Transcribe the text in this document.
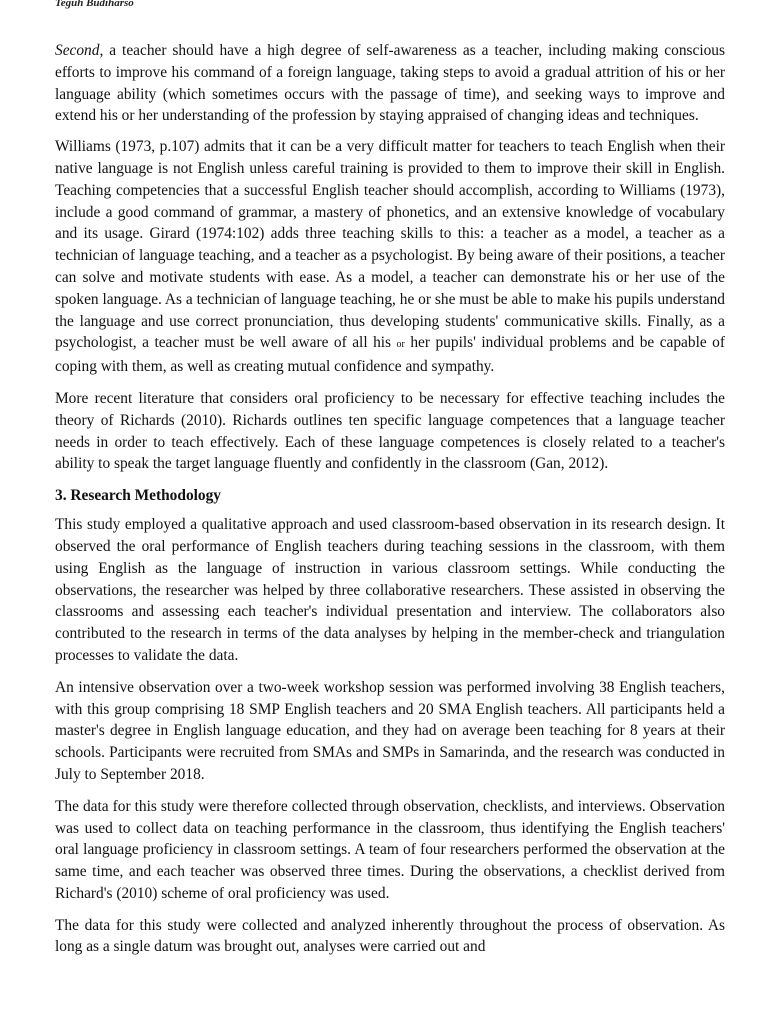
Teguh Budiharso

Second, a teacher should have a high degree of self-awareness as a teacher, including making conscious efforts to improve his command of a foreign language, taking steps to avoid a gradual attrition of his or her language ability (which sometimes occurs with the passage of time), and seeking ways to improve and extend his or her understanding of the profession by staying appraised of changing ideas and techniques.

Williams (1973, p.107) admits that it can be a very difficult matter for teachers to teach English when their native language is not English unless careful training is provided to them to improve their skill in English. Teaching competencies that a successful English teacher should accomplish, according to Williams (1973), include a good command of grammar, a mastery of phonetics, and an extensive knowledge of vocabulary and its usage. Girard (1974:102) adds three teaching skills to this: a teacher as a model, a teacher as a technician of language teaching, and a teacher as a psychologist. By being aware of their positions, a teacher can solve and motivate students with ease. As a model, a teacher can demonstrate his or her use of the spoken language. As a technician of language teaching, he or she must be able to make his pupils understand the language and use correct pronunciation, thus developing students' communicative skills. Finally, as a psychologist, a teacher must be well aware of all his or her pupils' individual problems and be capable of coping with them, as well as creating mutual confidence and sympathy.

More recent literature that considers oral proficiency to be necessary for effective teaching includes the theory of Richards (2010). Richards outlines ten specific language competences that a language teacher needs in order to teach effectively. Each of these language competences is closely related to a teacher's ability to speak the target language fluently and confidently in the classroom (Gan, 2012).

3. Research Methodology

This study employed a qualitative approach and used classroom-based observation in its research design. It observed the oral performance of English teachers during teaching sessions in the classroom, with them using English as the language of instruction in various classroom settings. While conducting the observations, the researcher was helped by three collaborative researchers. These assisted in observing the classrooms and assessing each teacher's individual presentation and interview. The collaborators also contributed to the research in terms of the data analyses by helping in the member-check and triangulation processes to validate the data.

An intensive observation over a two-week workshop session was performed involving 38 English teachers, with this group comprising 18 SMP English teachers and 20 SMA English teachers. All participants held a master's degree in English language education, and they had on average been teaching for 8 years at their schools. Participants were recruited from SMAs and SMPs in Samarinda, and the research was conducted in July to September 2018.

The data for this study were therefore collected through observation, checklists, and interviews. Observation was used to collect data on teaching performance in the classroom, thus identifying the English teachers' oral language proficiency in classroom settings. A team of four researchers performed the observation at the same time, and each teacher was observed three times. During the observations, a checklist derived from Richard's (2010) scheme of oral proficiency was used.

The data for this study were collected and analyzed inherently throughout the process of observation. As long as a single datum was brought out, analyses were carried out and
